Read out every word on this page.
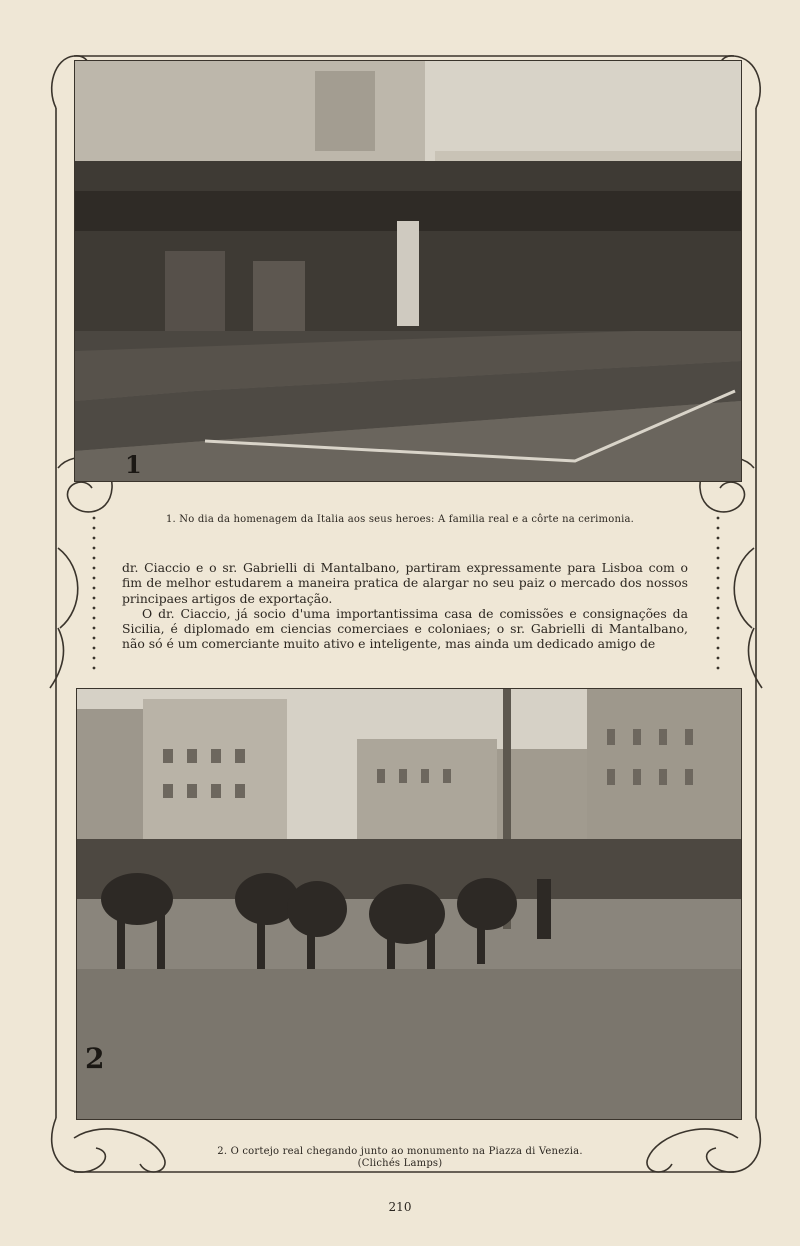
1
1. No dia da homenagem da Italia aos seus heroes: A familia real e a côrte na cerimonia.

dr. Ciaccio e o sr. Gabrielli di Mantalbano, partiram expressamente para Lisboa com o fim de melhor estudarem a maneira pratica de alargar no seu paiz o mercado dos nossos principaes artigos de exportação.

O dr. Ciaccio, já socio d'uma importantissima casa de comissões e consignações da Sicilia, é diplomado em ciencias comerciaes e coloniaes; o sr. Gabrielli di Mantalbano, não só é um comerciante muito ativo e inteligente, mas ainda um dedicado amigo de

2
2. O cortejo real chegando junto ao monumento na Piazza di Venezia.
(Clichés Lamps)
210
